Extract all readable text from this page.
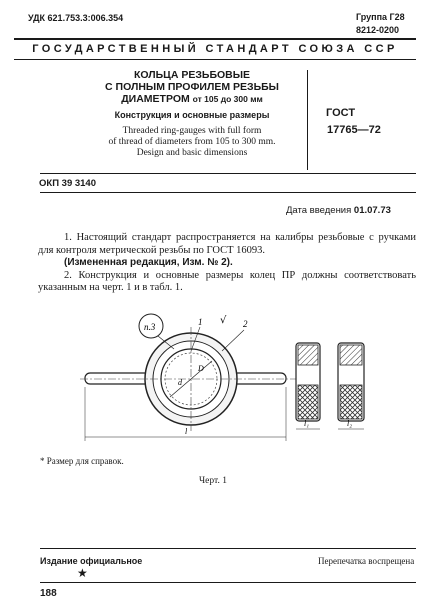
УДК 621.753.3:006.354	Группа Г28
8212-0200
ГОСУДАРСТВЕННЫЙ СТАНДАРТ СОЮЗА ССР
КОЛЬЦА РЕЗЬБОВЫЕ
С ПОЛНЫМ ПРОФИЛЕМ РЕЗЬБЫ
ДИАМЕТРОМ от 105 до 300 мм
Конструкция и основные размеры
Threaded ring-gauges with full form
of thread of diameters from 105 to 300 mm.
Design and basic dimensions
ГОСТ
17765—72
ОКП 39 3140
Дата введения 01.07.73

1. Настоящий стандарт распространяется на калибры резьбовые с ручками для контроля метрической резьбы по ГОСТ 16093.

(Измененная редакция, Изм. № 2).

2. Конструкция и основные размеры колец ПР должны соответствовать указанным на черт. 1 и в табл. 1.

п.3	1 √ 2
d
D
l
l₁	l₂
* Размер для справок.
Черт. 1
Издание официальное	Перепечатка воспрещена
★
188
